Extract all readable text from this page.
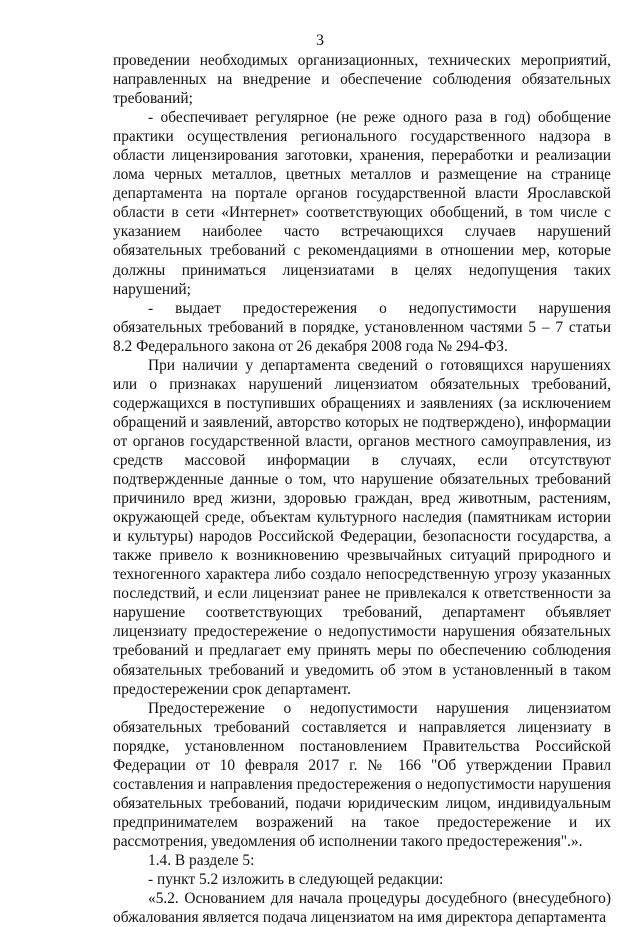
3

проведении необходимых организационных, технических мероприятий, направленных на внедрение и обеспечение соблюдения обязательных требований;

- обеспечивает регулярное (не реже одного раза в год) обобщение практики осуществления регионального государственного надзора в области лицензирования заготовки, хранения, переработки и реализации лома черных металлов, цветных металлов и размещение на странице департамента на портале органов государственной власти Ярославской области в сети «Интернет» соответствующих обобщений, в том числе с указанием наиболее часто встречающихся случаев нарушений обязательных требований с рекомендациями в отношении мер, которые должны приниматься лицензиатами в целях недопущения таких нарушений;

- выдает предостережения о недопустимости нарушения обязательных требований в порядке, установленном частями 5 – 7 статьи 8.2 Федерального закона от 26 декабря 2008 года № 294-ФЗ.

При наличии у департамента сведений о готовящихся нарушениях или о признаках нарушений лицензиатом обязательных требований, содержащихся в поступивших обращениях и заявлениях (за исключением обращений и заявлений, авторство которых не подтверждено), информации от органов государственной власти, органов местного самоуправления, из средств массовой информации в случаях, если отсутствуют подтвержденные данные о том, что нарушение обязательных требований причинило вред жизни, здоровью граждан, вред животным, растениям, окружающей среде, объектам культурного наследия (памятникам истории и культуры) народов Российской Федерации, безопасности государства, а также привело к возникновению чрезвычайных ситуаций природного и техногенного характера либо создало непосредственную угрозу указанных последствий, и если лицензиат ранее не привлекался к ответственности за нарушение соответствующих требований, департамент объявляет лицензиату предостережение о недопустимости нарушения обязательных требований и предлагает ему принять меры по обеспечению соблюдения обязательных требований и уведомить об этом в установленный в таком предостережении срок департамент.

Предостережение о недопустимости нарушения лицензиатом обязательных требований составляется и направляется лицензиату в порядке, установленном постановлением Правительства Российской Федерации от 10 февраля 2017 г. № 166 "Об утверждении Правил составления и направления предостережения о недопустимости нарушения обязательных требований, подачи юридическим лицом, индивидуальным предпринимателем возражений на такое предостережение и их рассмотрения, уведомления об исполнении такого предостережения".».

1.4. В разделе 5:

- пункт 5.2 изложить в следующей редакции:

«5.2. Основанием для начала процедуры досудебного (внесудебного) обжалования является подача лицензиатом на имя директора департамента
